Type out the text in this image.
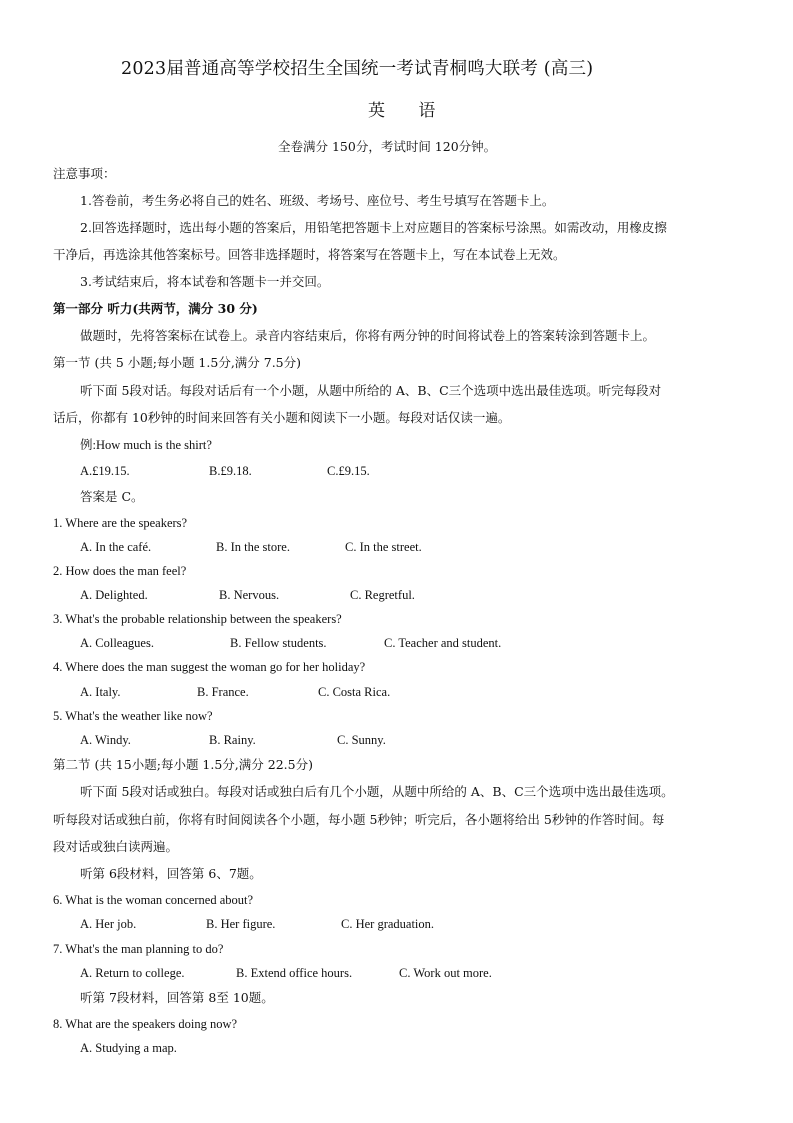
2023届普通高等学校招生全国统一考试青桐鸣大联考 (高三)
英 语
全卷满分 150分，考试时间 120分钟。
注意事项：
1.答卷前，考生务必将自己的姓名、班级、考场号、座位号、考生号填写在答题卡上。
2.回答选择题时，选出每小题的答案后，用铅笔把答题卡上对应题目的答案标号涂黑。如需改动，用橡皮擦
干净后，再选涂其他答案标号。回答非选择题时，将答案写在答题卡上，写在本试卷上无效。
3.考试结束后，将本试卷和答题卡一并交回。
第一部分 听力(共两节，满分 30 分)
做题时，先将答案标在试卷上。录音内容结束后，你将有两分钟的时间将试卷上的答案转涂到答题卡上。
第一节 (共 5 小题;每小题 1.5分,满分 7.5分)
听下面 5段对话。每段对话后有一个小题，从题中所给的 A、B、C三个选项中选出最佳选项。听完每段对
话后，你都有 10秒钟的时间来回答有关小题和阅读下一小题。每段对话仅读一遍。
例:How much is the shirt?
A.£19.15.	B.£9.18.	C.£9.15.
答案是 C。
1. Where are the speakers?
A. In the café.	B. In the store.	C. In the street.
2. How does the man feel?
A. Delighted.	B. Nervous.	C. Regretful.
3. What's the probable relationship between the speakers?
A. Colleagues.	B. Fellow students.	C. Teacher and student.
4. Where does the man suggest the woman go for her holiday?
A. Italy.	B. France.	C. Costa Rica.
5. What's the weather like now?
A. Windy.	B. Rainy.	C. Sunny.
第二节 (共 15小题;每小题 1.5分,满分 22.5分)
听下面 5段对话或独白。每段对话或独白后有几个小题，从题中所给的 A、B、C三个选项中选出最佳选项。
听每段对话或独白前，你将有时间阅读各个小题，每小题 5秒钟；听完后，各小题将给出 5秒钟的作答时间。每
段对话或独白读两遍。
听第 6段材料，回答第 6、7题。
6. What is the woman concerned about?
A. Her job.	B. Her figure.	C. Her graduation.
7. What's the man planning to do?
A. Return to college.	B. Extend office hours.	C. Work out more.
听第 7段材料，回答第 8至 10题。
8. What are the speakers doing now?
A. Studying a map.
